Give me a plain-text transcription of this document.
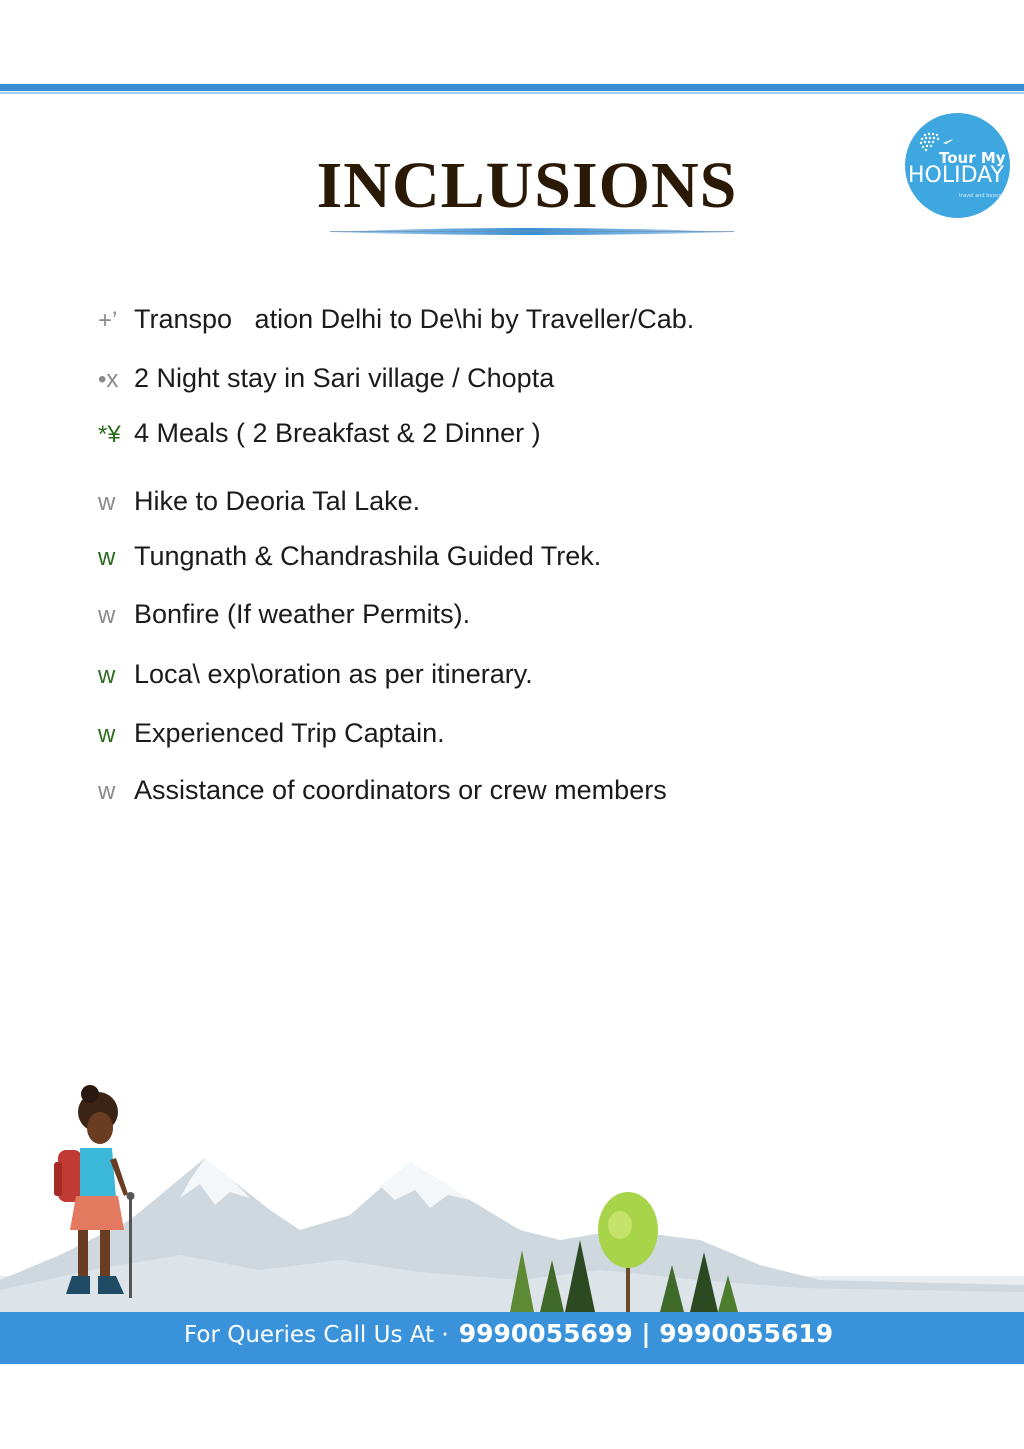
INCLUSIONS	Tour My
HOLIDAY
travel and beyond
+’ Transpo   ation Delhi to De\hi by Traveller/Cab.
•x 2 Night stay in Sari village / Chopta
*¥ 4 Meals ( 2 Breakfast & 2 Dinner )
w Hike to Deoria Tal Lake.
w Tungnath & Chandrashila Guided Trek.
w Bonfire (If weather Permits).
w Loca\ exp\oration as per itinerary.
w Experienced Trip Captain.
w Assistance of coordinators or crew members
For Queries Call Us At · 9990055699 | 9990055619
